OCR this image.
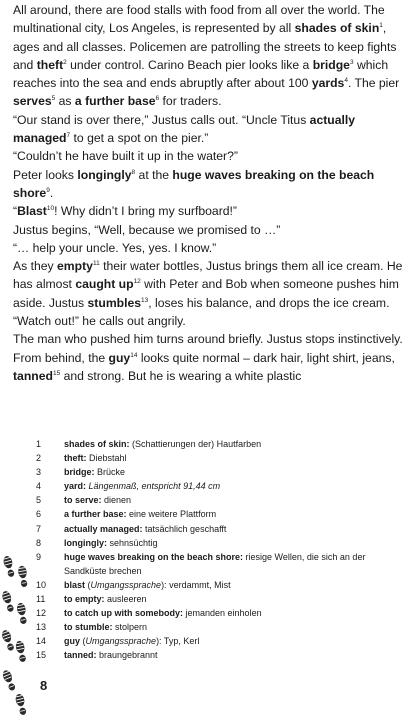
All around, there are food stalls with food from all over the world. The multinational city, Los Angeles, is represented by all shades of skin$^1$, ages and all classes. Policemen are patrolling the streets to keep fights and theft$^2$ under control. Carino Beach pier looks like a bridge$^3$ which reaches into the sea and ends abruptly after about 100 yards$^4$. The pier serves$^5$ as a further base$^6$ for traders.

“Our stand is over there,” Justus calls out. “Uncle Titus actually managed$^7$ to get a spot on the pier.”

“Couldn’t he have built it up in the water?”

Peter looks longingly$^8$ at the huge waves breaking on the beach shore$^9$.

“Blast$^{10}$! Why didn’t I bring my surfboard!”

Justus begins, “Well, because we promised to …”

“… help your uncle. Yes, yes. I know.”

As they empty$^{11}$ their water bottles, Justus brings them all ice cream. He has almost caught $up^{12}$ with Peter and Bob when someone pushes him aside. Justus stumbles$^{13}$, loses his balance, and drops the ice cream.

“Watch out!” he calls out angrily.

The man who pushed him turns around briefly. Justus stops instinctively. From behind, the guy$^{14}$ looks quite normal – dark hair, light shirt, jeans, tanned$^{15}$ and strong. But he is wearing a white plastic

1	shades of skin: (Schattierungen der) Hautfarben
2	theft: Diebstahl
3	bridge: Brücke
4	yard: Längenmaß, entspricht 91,44 cm
5	to serve: dienen
6	a further base: eine weitere Plattform
7	actually managed: tatsächlich geschafft
8	longingly: sehnsüchtig
9	huge waves breaking on the beach shore: riesige Wellen, die sich an der
Sandküste brechen
10	blast (Umgangssprache): verdammt, Mist
11	to empty: ausleeren
12	to catch up with somebody: jemanden einholen
13	to stumble: stolpern
14	guy (Umgangssprache): Typ, Kerl
15	tanned: braungebrannt
8
